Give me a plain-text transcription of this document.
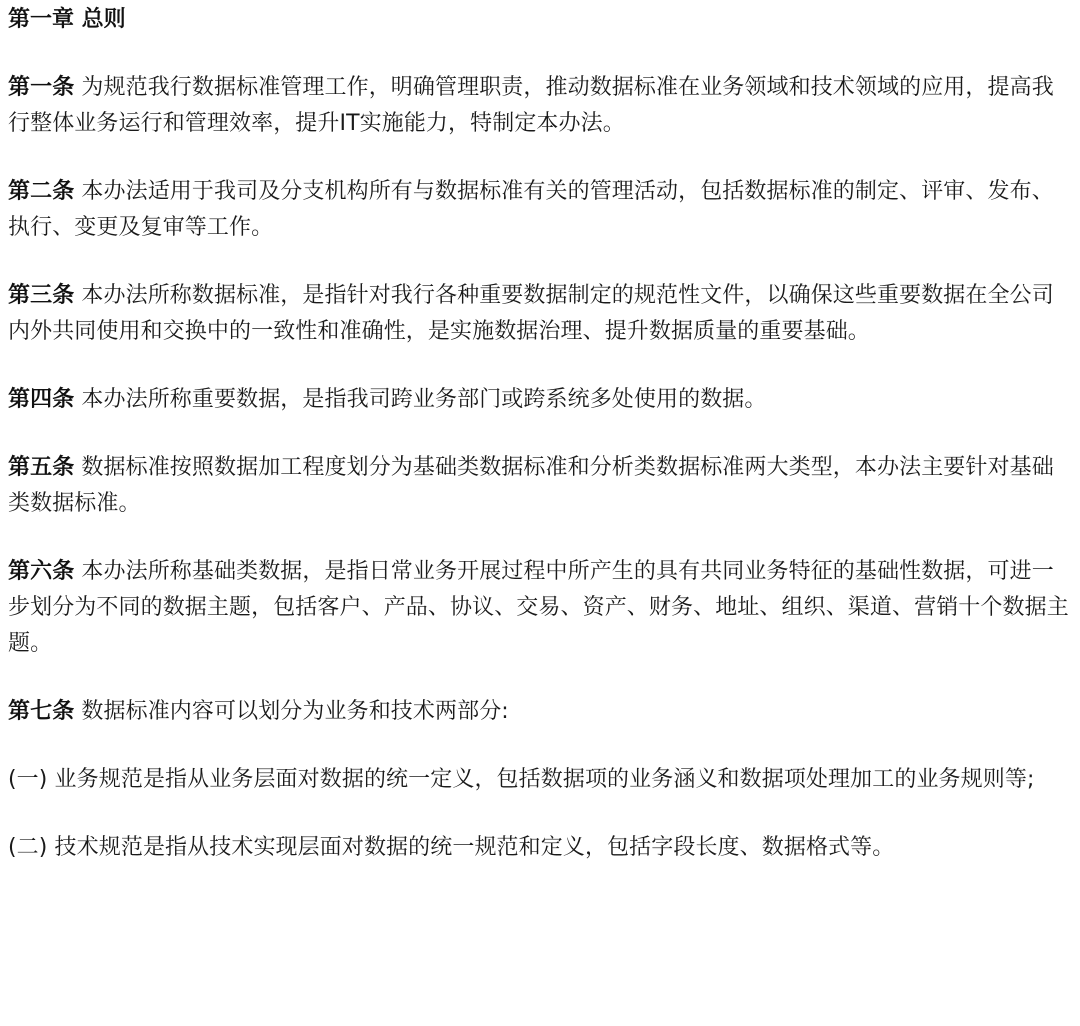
第一章 总则

第一条 为规范我行数据标准管理工作，明确管理职责，推动数据标准在业务领域和技术领域的应用，提高我行整体业务运行和管理效率，提升IT实施能力，特制定本办法。

第二条 本办法适用于我司及分支机构所有与数据标准有关的管理活动，包括数据标准的制定、评审、发布、执行、变更及复审等工作。

第三条 本办法所称数据标准，是指针对我行各种重要数据制定的规范性文件，以确保这些重要数据在全公司内外共同使用和交换中的一致性和准确性，是实施数据治理、提升数据质量的重要基础。

第四条 本办法所称重要数据，是指我司跨业务部门或跨系统多处使用的数据。

第五条 数据标准按照数据加工程度划分为基础类数据标准和分析类数据标准两大类型，本办法主要针对基础类数据标准。

第六条 本办法所称基础类数据，是指日常业务开展过程中所产生的具有共同业务特征的基础性数据，可进一步划分为不同的数据主题，包括客户、产品、协议、交易、资产、财务、地址、组织、渠道、营销十个数据主题。

第七条 数据标准内容可以划分为业务和技术两部分:

(一) 业务规范是指从业务层面对数据的统一定义，包括数据项的业务涵义和数据项处理加工的业务规则等;

(二) 技术规范是指从技术实现层面对数据的统一规范和定义，包括字段长度、数据格式等。
